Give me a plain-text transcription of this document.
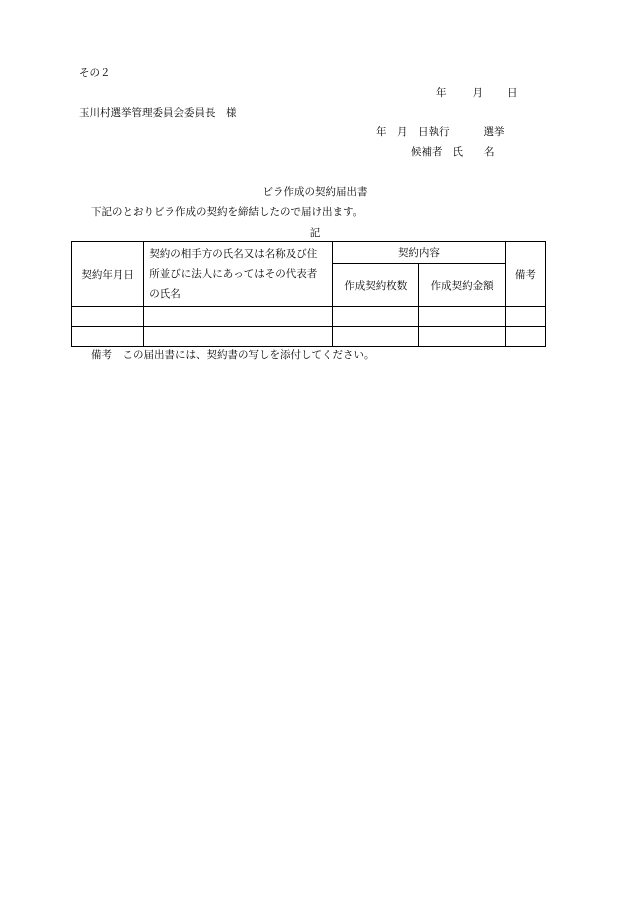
その２
年 月 日
玉川村選挙管理委員会委員長　様
年　月　日執行	選挙
候補者 氏　　名
ビラ作成の契約届出書
下記のとおりビラ作成の契約を締結したので届け出ます。
記
契約年月日	契約の相手方の氏名又は名称及び住所並びに法人にあってはその代表者の氏名	契約内容		備考
		作成契約枚数	作成契約金額	

備考　この届出書には、契約書の写しを添付してください。
